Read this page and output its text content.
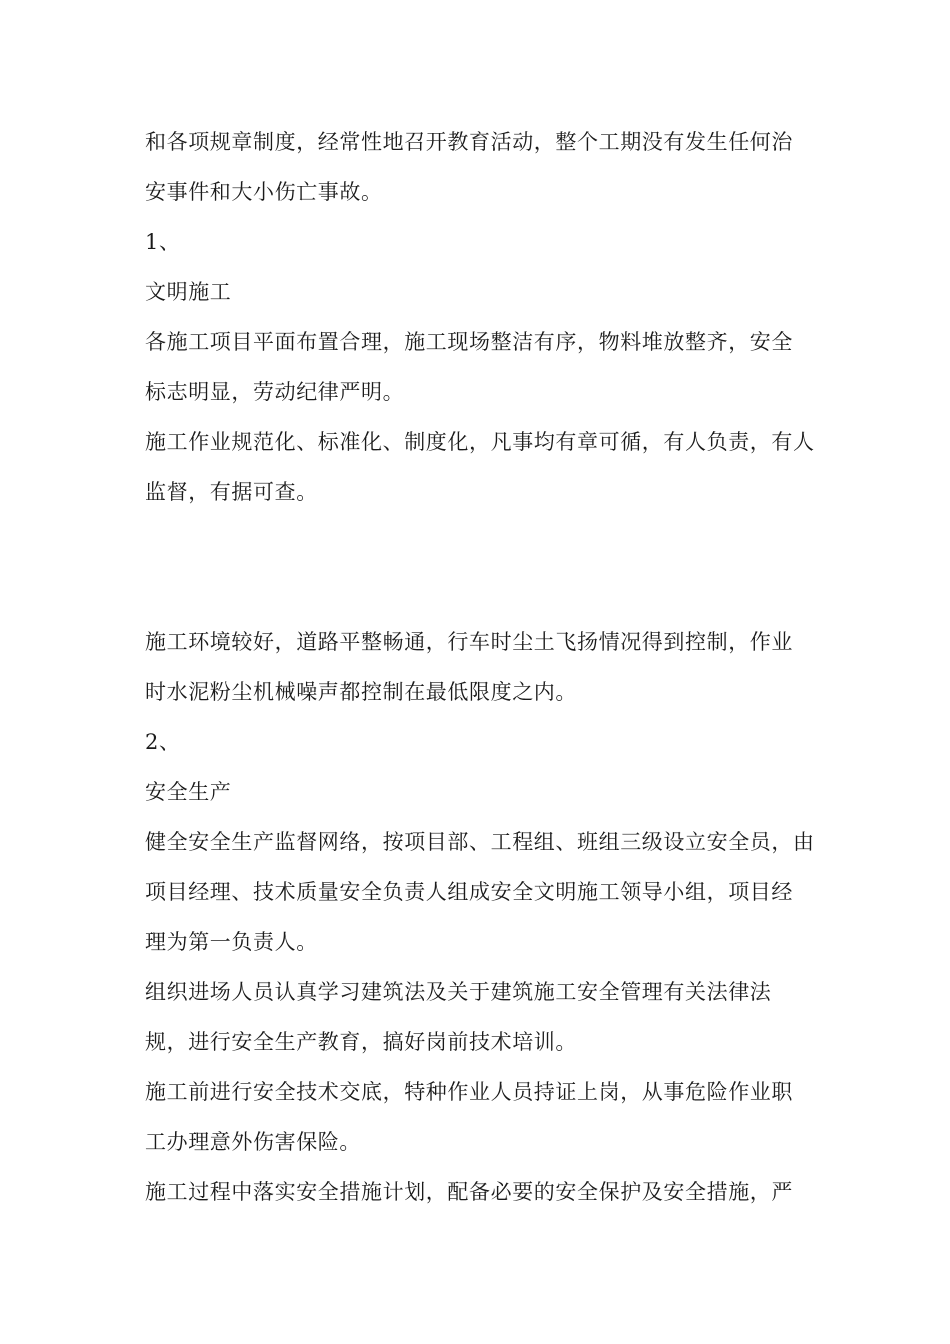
和各项规章制度，经常性地召开教育活动，整个工期没有发生任何治
安事件和大小伤亡事故。
1、
文明施工
各施工项目平面布置合理，施工现场整洁有序，物料堆放整齐，安全
标志明显，劳动纪律严明。
施工作业规范化、标准化、制度化，凡事均有章可循，有人负责，有人
监督，有据可查。
施工环境较好，道路平整畅通，行车时尘土飞扬情况得到控制，作业
时水泥粉尘机械噪声都控制在最低限度之内。
2、
安全生产
健全安全生产监督网络，按项目部、工程组、班组三级设立安全员，由
项目经理、技术质量安全负责人组成安全文明施工领导小组，项目经
理为第一负责人。
组织进场人员认真学习建筑法及关于建筑施工安全管理有关法律法
规，进行安全生产教育，搞好岗前技术培训。
施工前进行安全技术交底，特种作业人员持证上岗，从事危险作业职
工办理意外伤害保险。
施工过程中落实安全措施计划，配备必要的安全保护及安全措施，严
